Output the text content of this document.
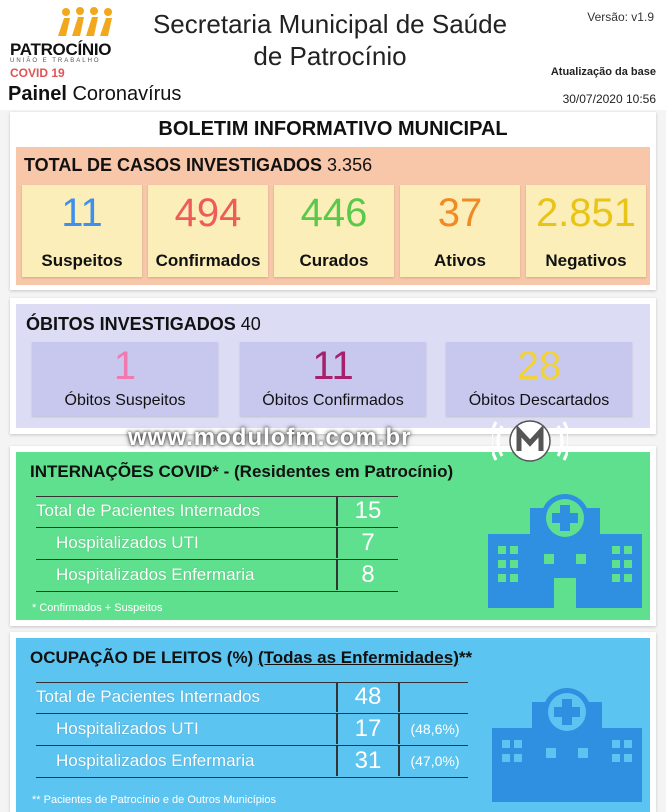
PATROCÍNIO
UNIÃO E TRABALHO
COVID 19
Painel Coronavírus
Secretaria Municipal de Saúde
de Patrocínio
Versão: v1.9
Atualização da base
30/07/2020 10:56
BOLETIM INFORMATIVO MUNICIPAL
TOTAL DE CASOS INVESTIGADOS 3.356
11
Suspeitos
494
Confirmados
446
Curados
37
Ativos
2.851
Negativos
ÓBITOS INVESTIGADOS 40
1
Óbitos Suspeitos
11
Óbitos Confirmados
28
Óbitos Descartados
INTERNAÇÕES COVID* - (Residentes em Patrocínio)
Total de Pacientes Internados	15
Hospitalizados UTI	7
Hospitalizados Enfermaria	8
* Confirmados + Suspeitos
OCUPAÇÃO DE LEITOS (%) (Todas as Enfermidades)**
Total de Pacientes Internados	48
Hospitalizados UTI	17	(48,6%)
Hospitalizados Enfermaria	31	(47,0%)
** Pacientes de Patrocínio e de Outros Municípios
www.modulofm.com.br
